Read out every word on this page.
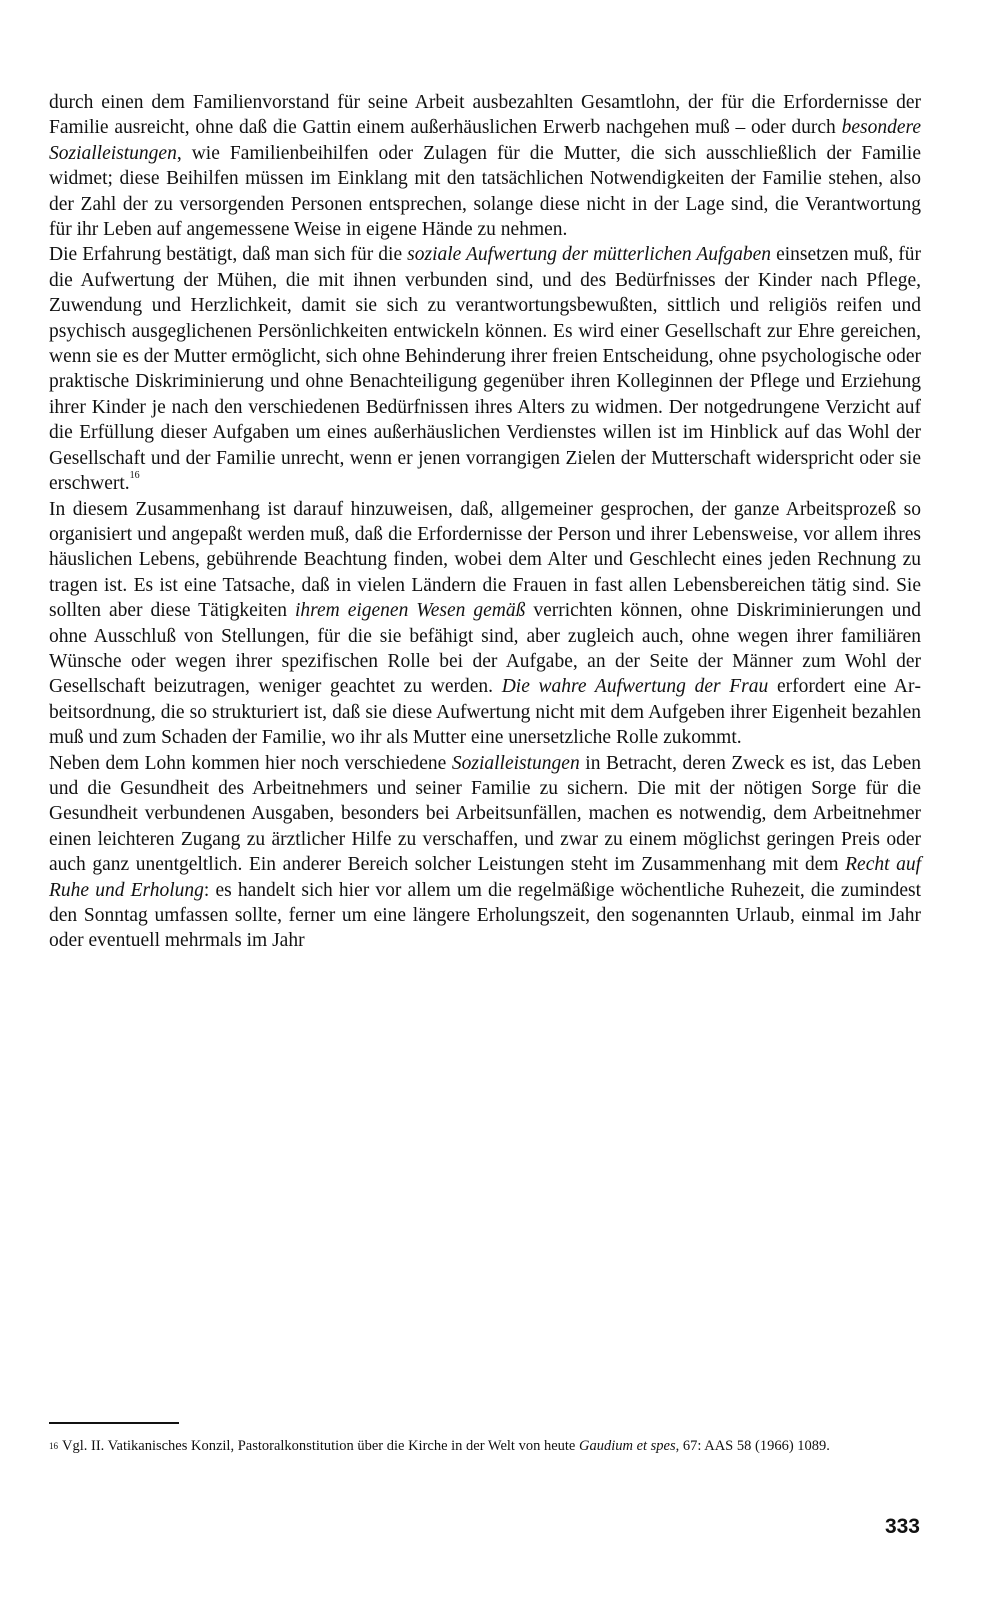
durch einen dem Familienvorstand für seine Arbeit ausbezahlten Gesamtlohn, der für die Erfordernisse der Familie ausreicht, ohne daß die Gattin einem außerhäuslichen Erwerb nachgehen muß – oder durch besondere Sozialleistungen, wie Familienbeihilfen oder Zulagen für die Mutter, die sich ausschließlich der Familie widmet; diese Beihilfen müssen im Einklang mit den tatsächlichen Notwendigkeiten der Familie stehen, also der Zahl der zu versorgenden Personen entsprechen, solange diese nicht in der Lage sind, die Verantwortung für ihr Leben auf angemessene Weise in eigene Hände zu nehmen.

Die Erfahrung bestätigt, daß man sich für die soziale Aufwertung der mütterlichen Aufgaben einsetzen muß, für die Aufwertung der Mühen, die mit ihnen verbunden sind, und des Bedürfnisses der Kinder nach Pflege, Zuwendung und Herzlichkeit, damit sie sich zu verantwortungsbewußten, sittlich und religiös reifen und psychisch ausgeglichenen Persönlichkeiten entwickeln können. Es wird einer Gesellschaft zur Ehre gereichen, wenn sie es der Mutter ermöglicht, sich ohne Behinderung ihrer freien Entscheidung, ohne psychologische oder praktische Diskriminierung und ohne Benachteiligung gegenüber ihren Kolleginnen der Pflege und Erziehung ihrer Kinder je nach den verschiedenen Bedürfnissen ihres Alters zu widmen. Der notgedrungene Verzicht auf die Erfüllung dieser Aufgaben um eines außerhäuslichen Verdienstes willen ist im Hinblick auf das Wohl der Gesellschaft und der Familie unrecht, wenn er jenen vorrangigen Zielen der Mutterschaft widerspricht oder sie erschwert.$^{16}$

In diesem Zusammenhang ist darauf hinzuweisen, daß, allgemeiner gesprochen, der ganze Arbeitsprozeß so organisiert und angepaßt werden muß, daß die Erfordernisse der Person und ihrer Lebensweise, vor allem ihres häuslichen Lebens, gebührende Beachtung finden, wobei dem Alter und Geschlecht eines jeden Rechnung zu tragen ist. Es ist eine Tatsache, daß in vielen Ländern die Frauen in fast allen Lebensbereichen tätig sind. Sie sollten aber diese Tätigkeiten ihrem eigenen Wesen gemäß verrichten können, ohne Diskriminierungen und ohne Ausschluß von Stellungen, für die sie befähigt sind, aber zugleich auch, ohne wegen ihrer familiären Wünsche oder wegen ihrer spezifischen Rolle bei der Aufgabe, an der Seite der Männer zum Wohl der Gesellschaft beizutragen, weniger geachtet zu werden. Die wahre Aufwertung der Frau erfordert eine Arbeitsordnung, die so strukturiert ist, daß sie diese Aufwertung nicht mit dem Aufgeben ihrer Eigenheit bezahlen muß und zum Schaden der Familie, wo ihr als Mutter eine unersetzliche Rolle zukommt.

Neben dem Lohn kommen hier noch verschiedene Sozialleistungen in Betracht, deren Zweck es ist, das Leben und die Gesundheit des Arbeitnehmers und seiner Familie zu sichern. Die mit der nötigen Sorge für die Gesundheit verbundenen Ausgaben, besonders bei Arbeitsunfällen, machen es notwendig, dem Arbeitnehmer einen leichteren Zugang zu ärztlicher Hilfe zu verschaffen, und zwar zu einem möglichst geringen Preis oder auch ganz unentgeltlich. Ein anderer Bereich solcher Leistungen steht im Zusammenhang mit dem Recht auf Ruhe und Erholung: es handelt sich hier vor allem um die regelmäßige wöchentliche Ruhezeit, die zumindest den Sonntag umfassen sollte, ferner um eine längere Erholungszeit, den sogenannten Urlaub, einmal im Jahr oder eventuell mehrmals im Jahr

$^{16}$ Vgl. II. Vatikanisches Konzil, Pastoralkonstitution über die Kirche in der Welt von heute Gaudium et spes, 67: AAS 58 (1966) 1089.

333
